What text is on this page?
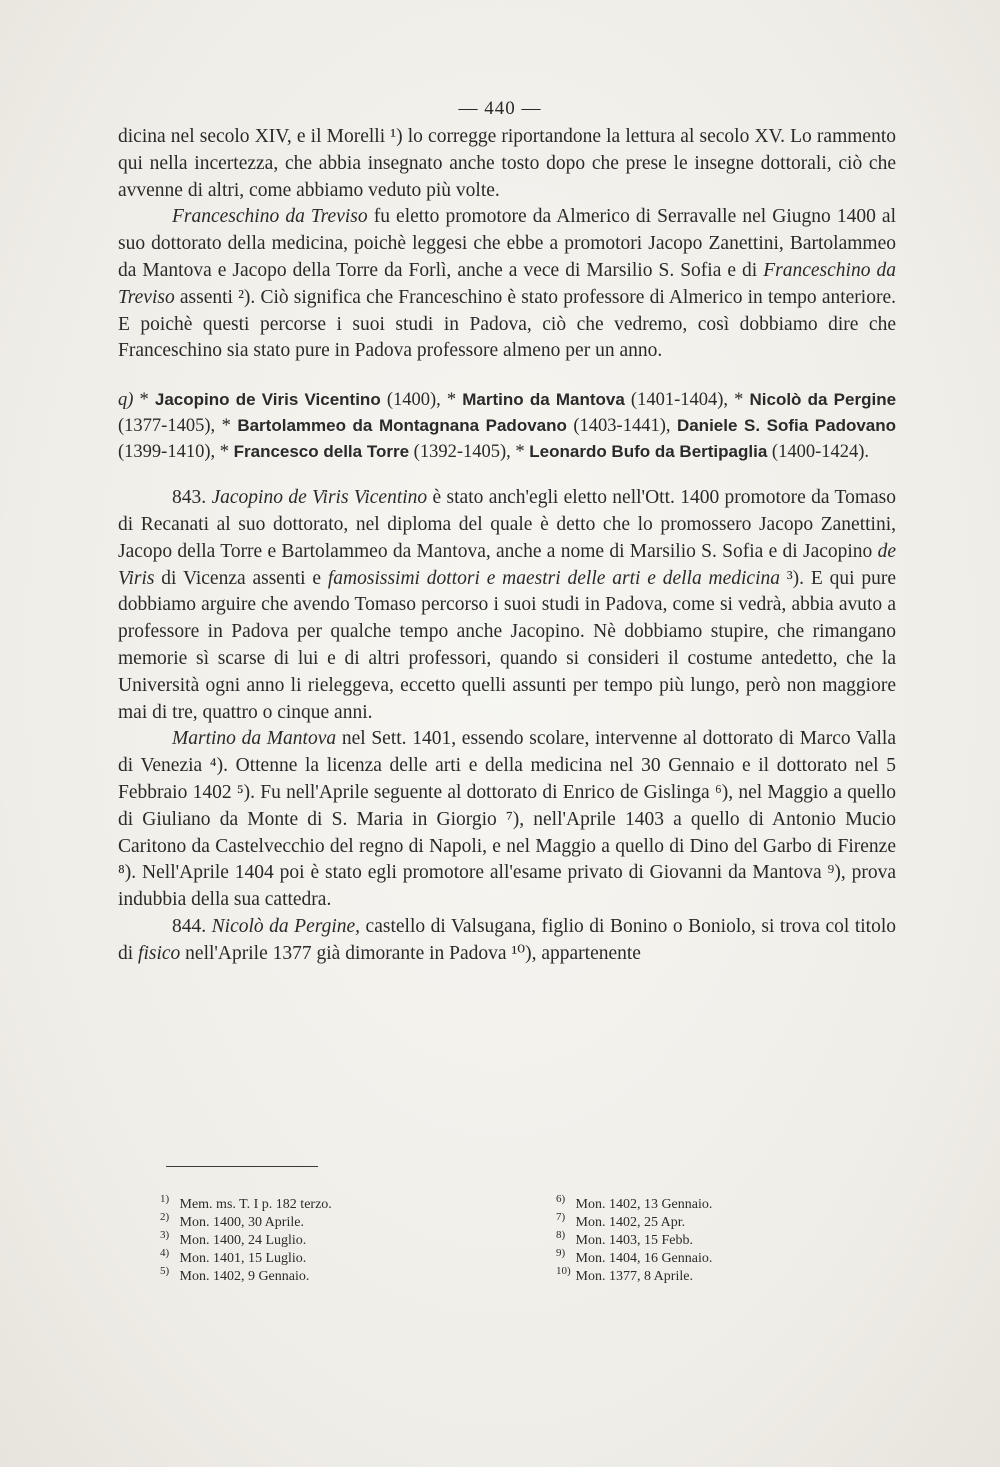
— 440 —

dicina nel secolo XIV, e il Morelli ¹) lo corregge riportandone la lettura al secolo XV. Lo rammento qui nella incertezza, che abbia insegnato anche tosto dopo che prese le insegne dottorali, ciò che avvenne di altri, come abbiamo veduto più volte.

Franceschino da Treviso fu eletto promotore da Almerico di Serravalle nel Giugno 1400 al suo dottorato della medicina, poichè leggesi che ebbe a promotori Jacopo Zanettini, Bartolammeo da Mantova e Jacopo della Torre da Forlì, anche a vece di Marsilio S. Sofia e di Franceschino da Treviso assenti ²). Ciò significa che Franceschino è stato professore di Almerico in tempo anteriore. E poichè questi percorse i suoi studi in Padova, ciò che vedremo, così dobbiamo dire che Franceschino sia stato pure in Padova professore almeno per un anno.

q) * Jacopino de Viris Vicentino (1400), * Martino da Mantova (1401-1404), * Nicolò da Pergine (1377-1405), * Bartolammeo da Montagnana Padovano (1403-1441), Daniele S. Sofia Padovano (1399-1410), * Francesco della Torre (1392-1405), * Leonardo Bufo da Bertipaglia (1400-1424).

843. Jacopino de Viris Vicentino è stato anch'egli eletto nell'Ott. 1400 promotore da Tomaso di Recanati al suo dottorato, nel diploma del quale è detto che lo promossero Jacopo Zanettini, Jacopo della Torre e Bartolammeo da Mantova, anche a nome di Marsilio S. Sofia e di Jacopino de Viris di Vicenza assenti e famosissimi dottori e maestri delle arti e della medicina ³). E qui pure dobbiamo arguire che avendo Tomaso percorso i suoi studi in Padova, come si vedrà, abbia avuto a professore in Padova per qualche tempo anche Jacopino. Nè dobbiamo stupire, che rimangano memorie sì scarse di lui e di altri professori, quando si consideri il costume antedetto, che la Università ogni anno li rieleggeva, eccetto quelli assunti per tempo più lungo, però non maggiore mai di tre, quattro o cinque anni.

Martino da Mantova nel Sett. 1401, essendo scolare, intervenne al dottorato di Marco Valla di Venezia ⁴). Ottenne la licenza delle arti e della medicina nel 30 Gennaio e il dottorato nel 5 Febbraio 1402 ⁵). Fu nell'Aprile seguente al dottorato di Enrico de Gislinga ⁶), nel Maggio a quello di Giuliano da Monte di S. Maria in Giorgio ⁷), nell'Aprile 1403 a quello di Antonio Mucio Caritono da Castelvecchio del regno di Napoli, e nel Maggio a quello di Dino del Garbo di Firenze ⁸). Nell'Aprile 1404 poi è stato egli promotore all'esame privato di Giovanni da Mantova ⁹), prova indubbia della sua cattedra.

844. Nicolò da Pergine, castello di Valsugana, figlio di Bonino o Boniolo, si trova col titolo di fisico nell'Aprile 1377 già dimorante in Padova ¹⁰), appartenente

1) Mem. ms. T. I p. 182 terzo.
2) Mon. 1400, 30 Aprile.
3) Mon. 1400, 24 Luglio.
4) Mon. 1401, 15 Luglio.
5) Mon. 1402, 9 Gennaio.
6) Mon. 1402, 13 Gennaio.
7) Mon. 1402, 25 Apr.
8) Mon. 1403, 15 Febb.
9) Mon. 1404, 16 Gennaio.
10) Mon. 1377, 8 Aprile.
